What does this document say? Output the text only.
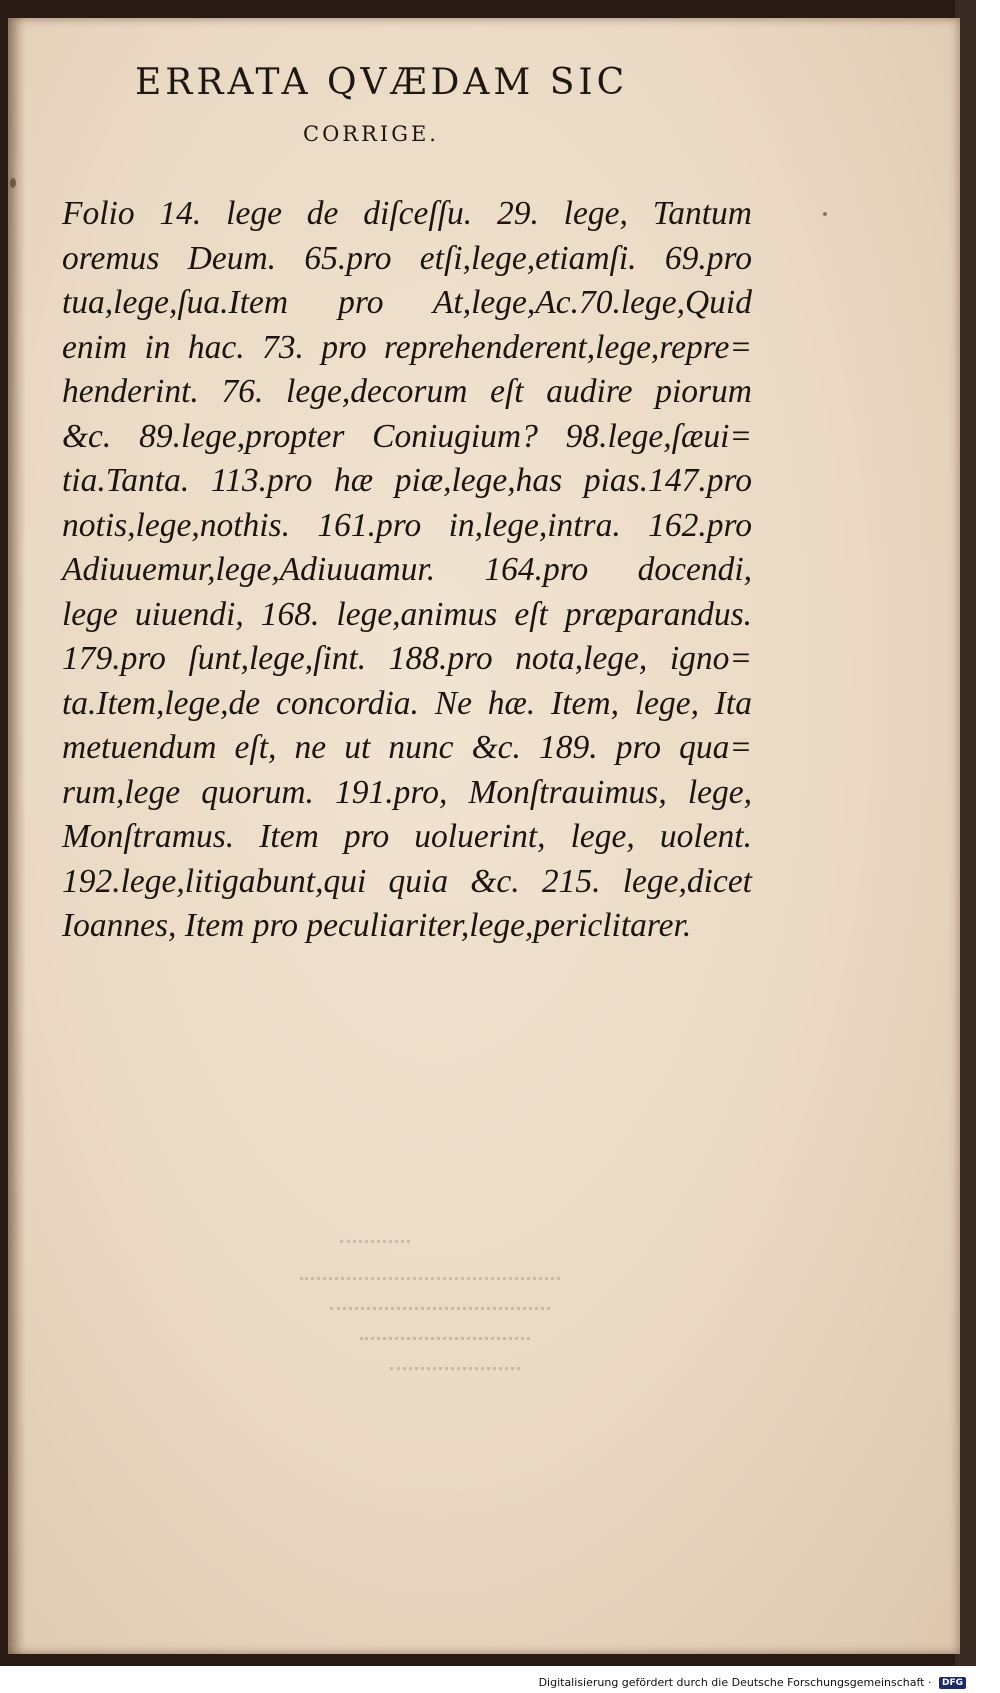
ERRATA QVÆDAM SIC
CORRIGE.
Folio 14. lege de diſceſſu. 29. lege, Tantum
oremus Deum. 65.pro etſi,lege,etiamſi. 69.pro
tua,lege,ſua.Item pro At,lege,Ac.70.lege,Quid
enim in hac. 73. pro reprehenderent,lege,repre=
henderint. 76. lege,decorum eſt audire piorum
&c. 89.lege,propter Coniugium? 98.lege,ſæui=
tia.Tanta. 113.pro hæ piæ,lege,has pias.147.pro
notis,lege,nothis. 161.pro in,lege,intra. 162.pro
Adiuuemur,lege,Adiuuamur. 164.pro docendi,
lege uiuendi, 168. lege,animus eſt præparandus.
179.pro ſunt,lege,ſint. 188.pro nota,lege, igno=
ta.Item,lege,de concordia. Ne hæ. Item, lege, Ita
metuendum eſt, ne ut nunc &c. 189. pro qua=
rum,lege quorum. 191.pro, Monſtrauimus, lege,
Monſtramus. Item pro uoluerint, lege, uolent.
192.lege,litigabunt,qui quia &c. 215. lege,dicet
Ioannes, Item pro peculiariter,lege,periclitarer.
Digitalisierung gefördert durch die Deutsche Forschungsgemeinschaft · DFG
